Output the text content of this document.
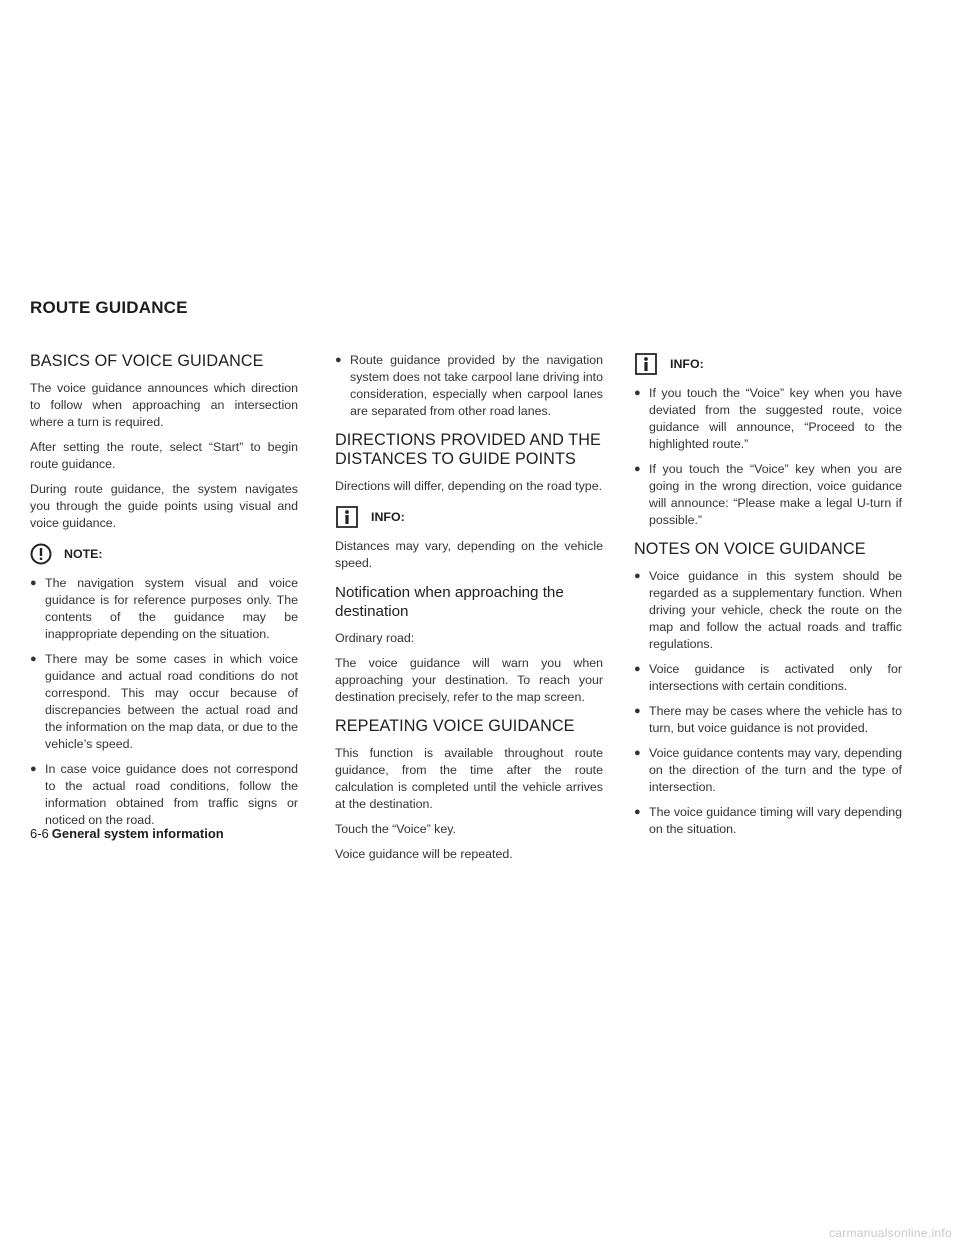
ROUTE GUIDANCE
BASICS OF VOICE GUIDANCE
The voice guidance announces which direction to follow when approaching an intersection where a turn is required.
After setting the route, select “Start” to begin route guidance.
During route guidance, the system navigates you through the guide points using visual and voice guidance.
NOTE:
● The navigation system visual and voice guidance is for reference purposes only. The contents of the guidance may be inappropriate depending on the situation.
● There may be some cases in which voice guidance and actual road conditions do not correspond. This may occur because of discrepancies between the actual road and the information on the map data, or due to the vehicle’s speed.
● In case voice guidance does not correspond to the actual road conditions, follow the information obtained from traffic signs or noticed on the road.
● Route guidance provided by the navigation system does not take carpool lane driving into consideration, especially when carpool lanes are separated from other road lanes.
DIRECTIONS PROVIDED AND THE DISTANCES TO GUIDE POINTS
Directions will differ, depending on the road type.
INFO:
Distances may vary, depending on the vehicle speed.
Notification when approaching the destination
Ordinary road:
The voice guidance will warn you when approaching your destination. To reach your destination precisely, refer to the map screen.
REPEATING VOICE GUIDANCE
This function is available throughout route guidance, from the time after the route calculation is completed until the vehicle arrives at the destination.
Touch the “Voice” key.
Voice guidance will be repeated.
INFO:
● If you touch the “Voice” key when you have deviated from the suggested route, voice guidance will announce, “Proceed to the highlighted route.”
● If you touch the “Voice” key when you are going in the wrong direction, voice guidance will announce: “Please make a legal U-turn if possible.”
NOTES ON VOICE GUIDANCE
● Voice guidance in this system should be regarded as a supplementary function. When driving your vehicle, check the route on the map and follow the actual roads and traffic regulations.
● Voice guidance is activated only for intersections with certain conditions.
● There may be cases where the vehicle has to turn, but voice guidance is not provided.
● Voice guidance contents may vary, depending on the direction of the turn and the type of intersection.
● The voice guidance timing will vary depending on the situation.
6-6 General system information
carmanualsonline.info
